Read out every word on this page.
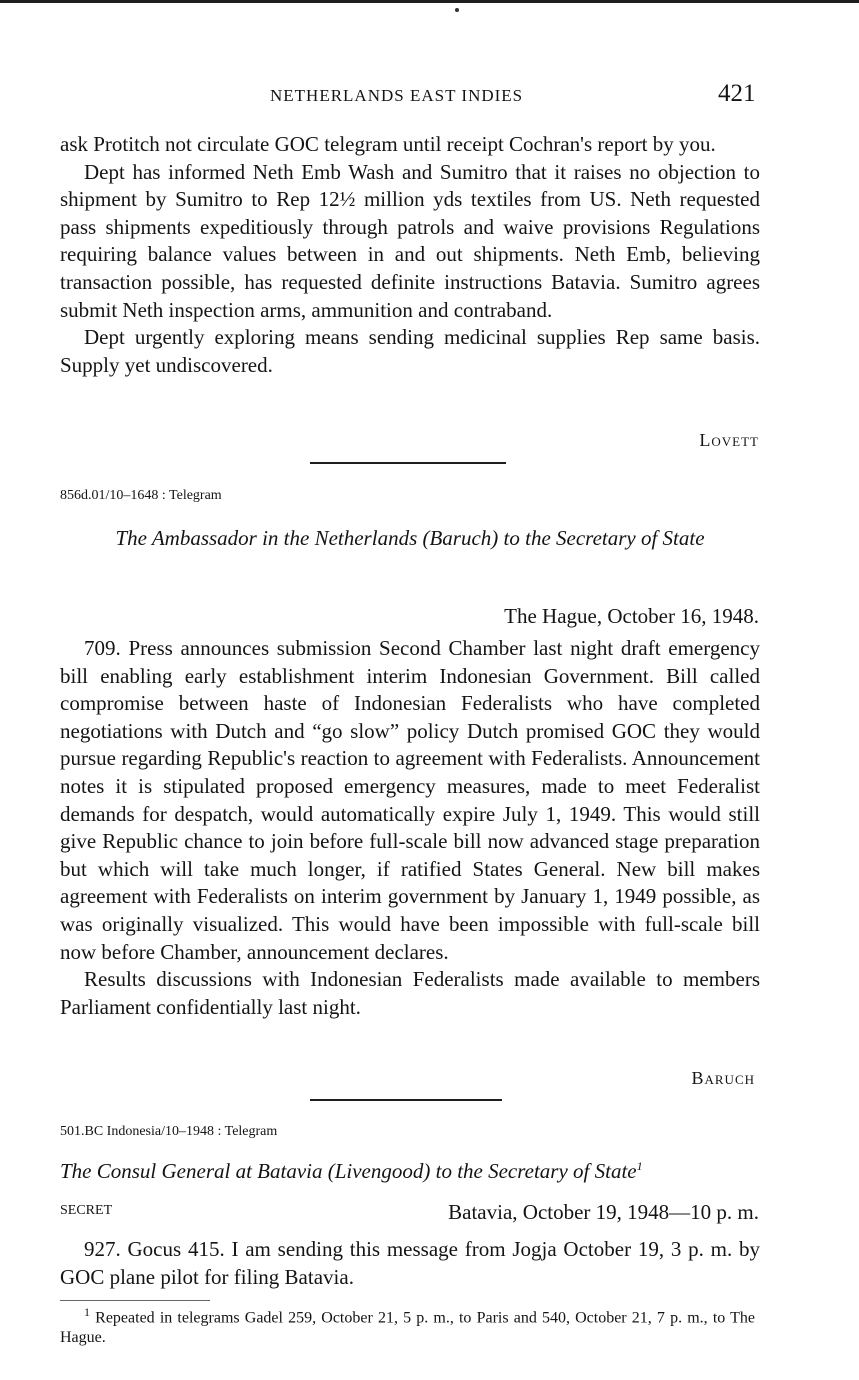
NETHERLANDS EAST INDIES	421

ask Protitch not circulate GOC telegram until receipt Cochran's report by you.

Dept has informed Neth Emb Wash and Sumitro that it raises no objection to shipment by Sumitro to Rep 12½ million yds textiles from US. Neth requested pass shipments expeditiously through patrols and waive provisions Regulations requiring balance values between in and out shipments. Neth Emb, believing transaction possible, has requested definite instructions Batavia. Sumitro agrees submit Neth inspection arms, ammunition and contraband.

Dept urgently exploring means sending medicinal supplies Rep same basis. Supply yet undiscovered.

Lovett
856d.01/10–1648 : Telegram
The Ambassador in the Netherlands (Baruch) to the Secretary of State
The Hague, October 16, 1948.

709. Press announces submission Second Chamber last night draft emergency bill enabling early establishment interim Indonesian Government. Bill called compromise between haste of Indonesian Federalists who have completed negotiations with Dutch and “go slow” policy Dutch promised GOC they would pursue regarding Republic's reaction to agreement with Federalists. Announcement notes it is stipulated proposed emergency measures, made to meet Federalist demands for despatch, would automatically expire July 1, 1949. This would still give Republic chance to join before full-scale bill now advanced stage preparation but which will take much longer, if ratified States General. New bill makes agreement with Federalists on interim government by January 1, 1949 possible, as was originally visualized. This would have been impossible with full-scale bill now before Chamber, announcement declares.

Results discussions with Indonesian Federalists made available to members Parliament confidentially last night.

Baruch
501.BC Indonesia/10–1948 : Telegram
The Consul General at Batavia (Livengood) to the Secretary of State$^1$
SECRET	Batavia, October 19, 1948—10 p. m.

927. Gocus 415. I am sending this message from Jogja October 19, 3 p. m. by GOC plane pilot for filing Batavia.

$^1$ Repeated in telegrams Gadel 259, October 21, 5 p. m., to Paris and 540, October 21, 7 p. m., to The Hague.
